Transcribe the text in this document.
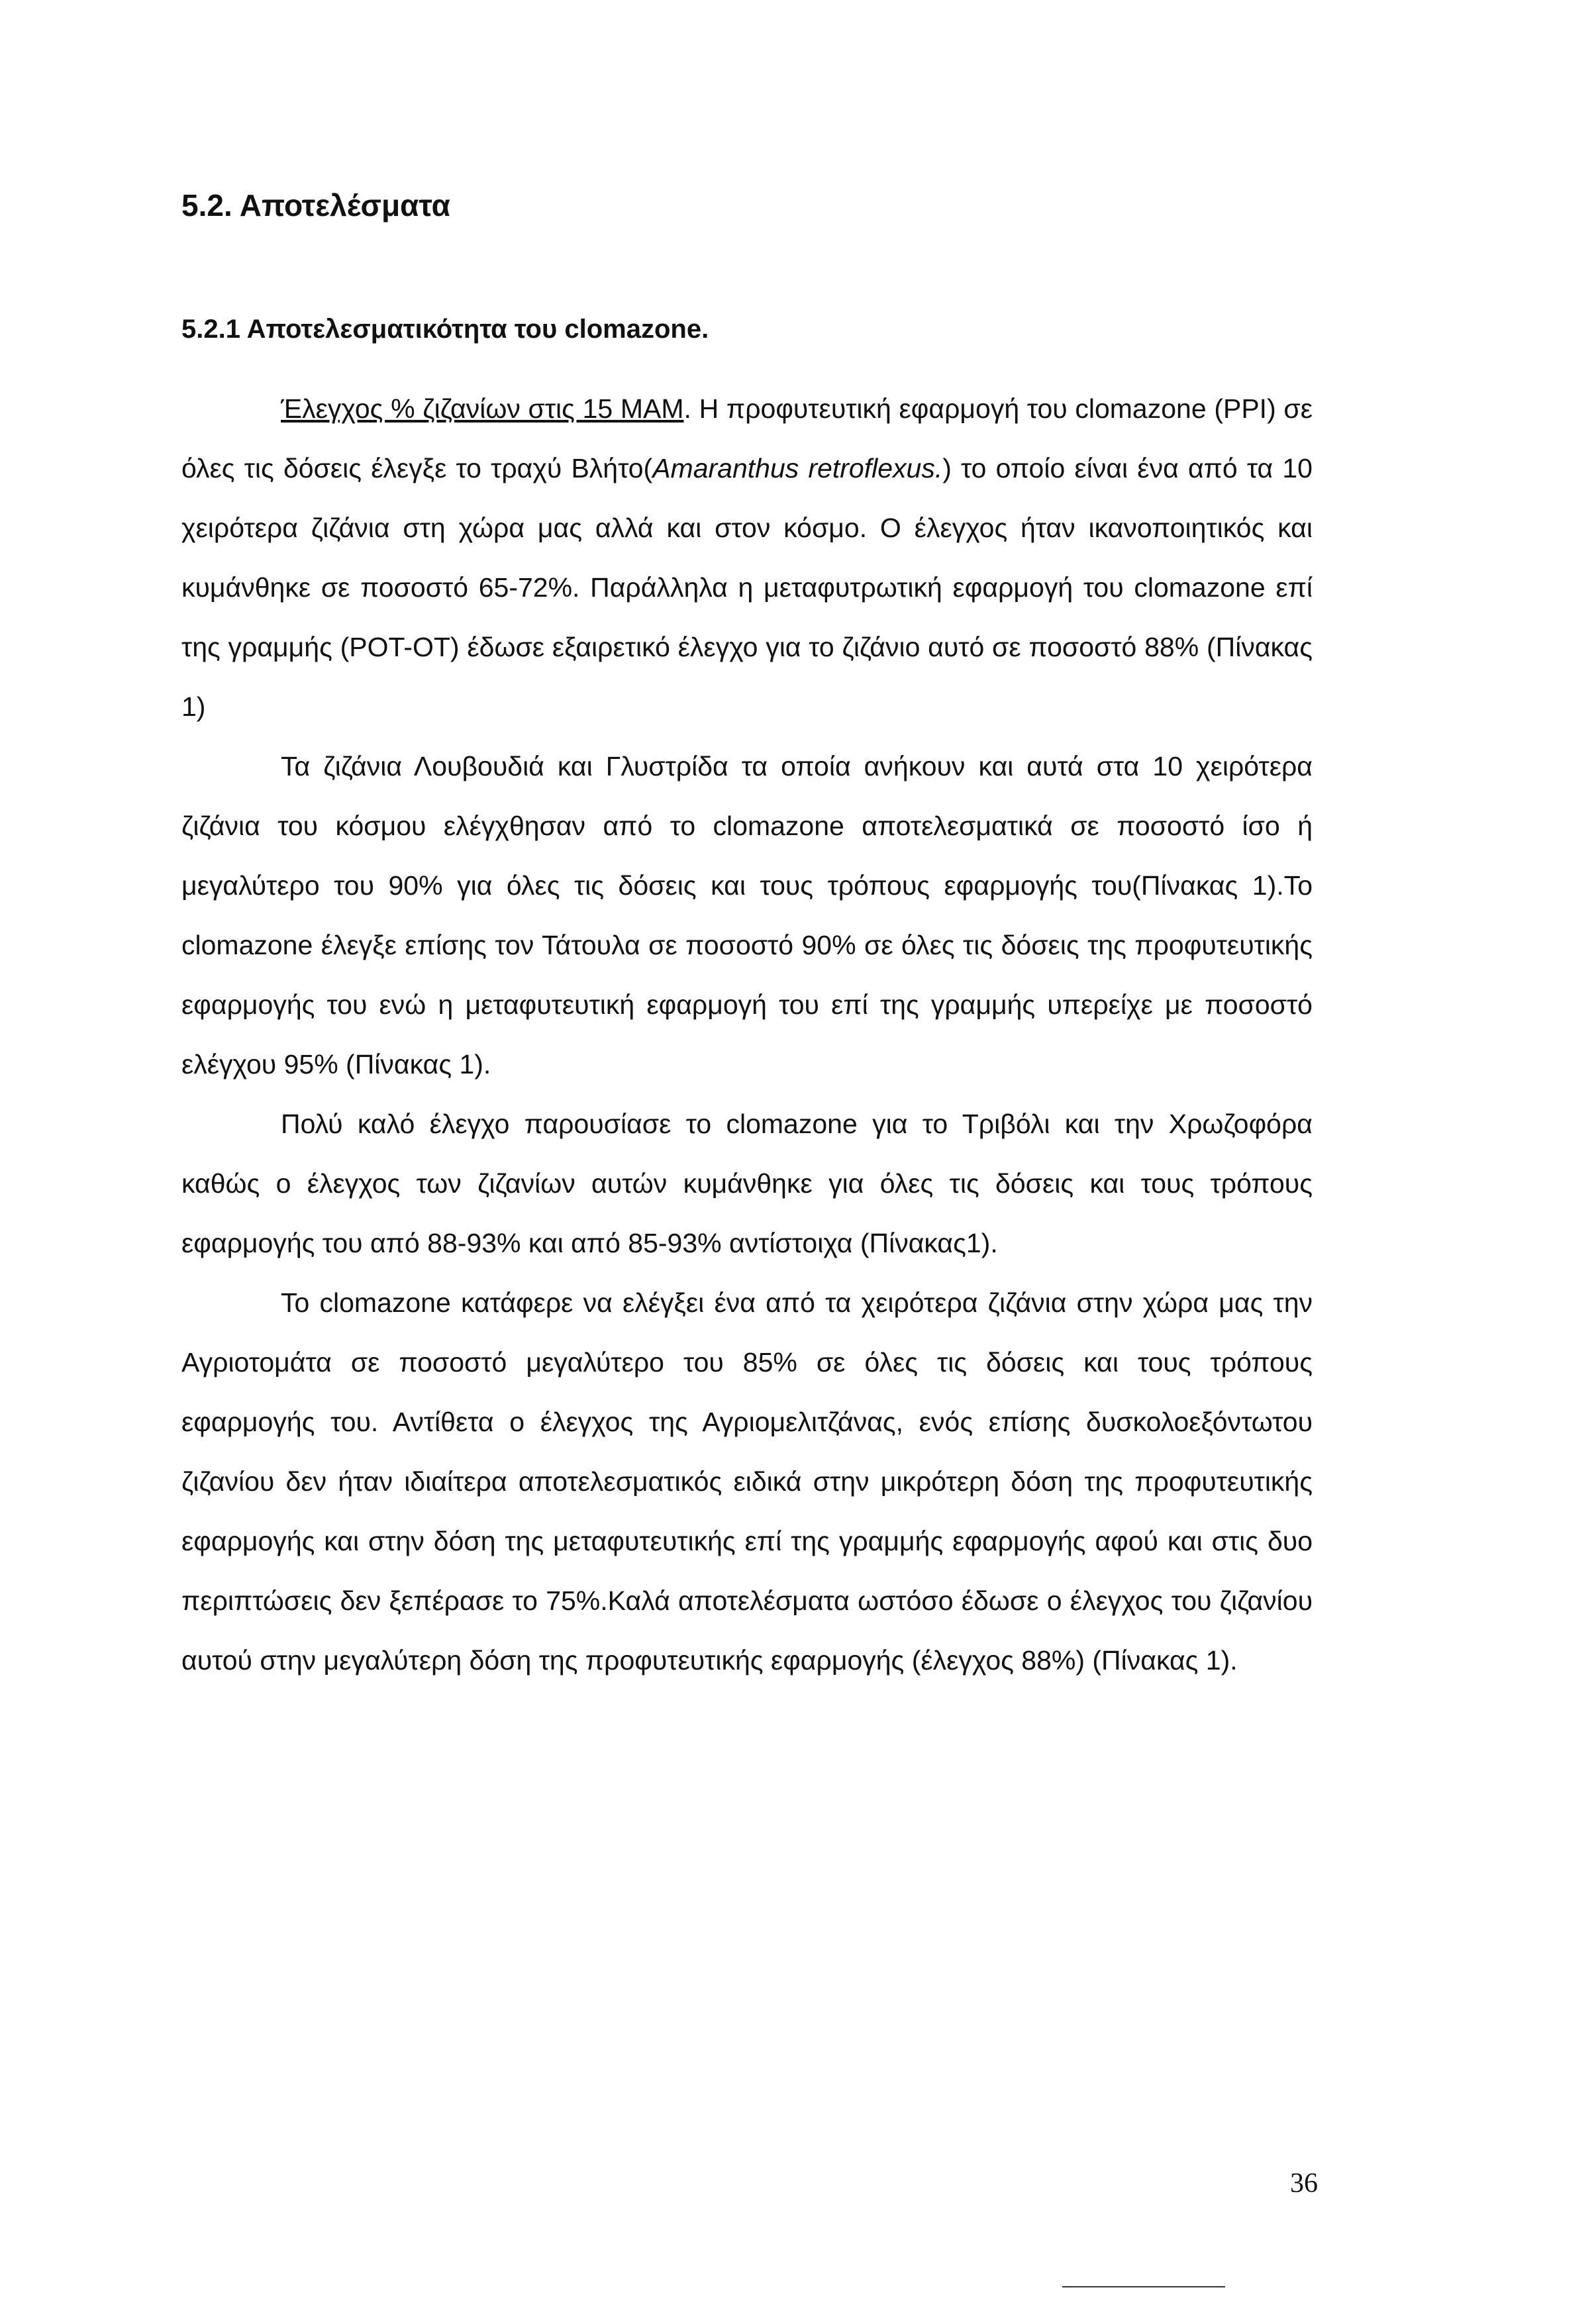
5.2. Αποτελέσματα
5.2.1 Αποτελεσματικότητα του clomazone.

Έλεγχος % ζιζανίων στις 15 ΜΑΜ. Η προφυτευτική εφαρμογή του clomazone (PPI) σε όλες τις δόσεις έλεγξε το τραχύ Βλήτο(Amaranthus retroflexus.) το οποίο είναι ένα από τα 10 χειρότερα ζιζάνια στη χώρα μας αλλά και στον κόσμο. Ο έλεγχος ήταν ικανοποιητικός και κυμάνθηκε σε ποσοστό 65-72%. Παράλληλα η μεταφυτρωτική εφαρμογή του clomazone επί της γραμμής (POT-OT) έδωσε εξαιρετικό έλεγχο για το ζιζάνιο αυτό σε ποσοστό 88% (Πίνακας 1)

Τα ζιζάνια Λουβουδιά και Γλυστρίδα τα οποία ανήκουν και αυτά στα 10 χειρότερα ζιζάνια του κόσμου ελέγχθησαν από το clomazone αποτελεσματικά σε ποσοστό ίσο ή μεγαλύτερο του 90% για όλες τις δόσεις και τους τρόπους εφαρμογής του(Πίνακας 1).Το clomazone έλεγξε επίσης τον Τάτουλα σε ποσοστό 90% σε όλες τις δόσεις της προφυτευτικής εφαρμογής του ενώ η μεταφυτευτική εφαρμογή του επί της γραμμής υπερείχε με ποσοστό ελέγχου 95% (Πίνακας 1).

Πολύ καλό έλεγχο παρουσίασε το clomazone για το Τριβόλι και την Χρωζοφόρα καθώς ο έλεγχος των ζιζανίων αυτών κυμάνθηκε για όλες τις δόσεις και τους τρόπους εφαρμογής του από 88-93% και από 85-93% αντίστοιχα (Πίνακας1).

Το clomazone κατάφερε να ελέγξει ένα από τα χειρότερα ζιζάνια στην χώρα μας την Αγριοτομάτα σε ποσοστό μεγαλύτερο του 85% σε όλες τις δόσεις και τους τρόπους εφαρμογής του. Αντίθετα ο έλεγχος της Αγριομελιτζάνας, ενός επίσης δυσκολοεξόντωτου ζιζανίου δεν ήταν ιδιαίτερα αποτελεσματικός ειδικά στην μικρότερη δόση της προφυτευτικής εφαρμογής και στην δόση της μεταφυτευτικής επί της γραμμής εφαρμογής αφού και στις δυο περιπτώσεις δεν ξεπέρασε το 75%.Καλά αποτελέσματα ωστόσο έδωσε ο έλεγχος του ζιζανίου αυτού στην μεγαλύτερη δόση της προφυτευτικής εφαρμογής (έλεγχος 88%) (Πίνακας 1).

36
